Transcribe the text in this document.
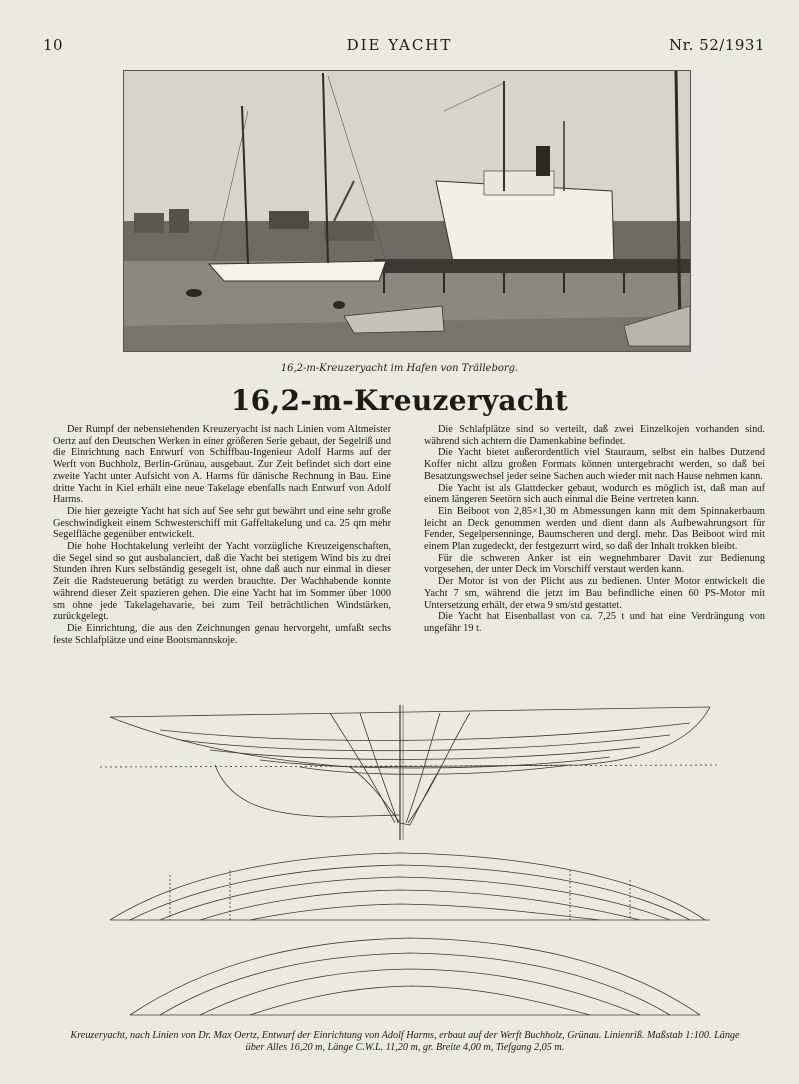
10	DIE YACHT	Nr. 52/1931
16,2-m-Kreuzeryacht im Hafen von Trälleborg.
16,2-m-Kreuzeryacht

Der Rumpf der nebenstehenden Kreuzeryacht ist nach Linien vom Altmeister Oertz auf den Deutschen Werken in einer größeren Serie gebaut, der Segelriß und die Einrichtung nach Entwurf von Schiffbau-Ingenieur Adolf Harms auf der Werft von Buchholz, Berlin-Grünau, ausgebaut. Zur Zeit befindet sich dort eine zweite Yacht unter Aufsicht von A. Harms für dänische Rechnung in Bau. Eine dritte Yacht in Kiel erhält eine neue Takelage ebenfalls nach Entwurf von Adolf Harms.

Die hier gezeigte Yacht hat sich auf See sehr gut bewährt und eine sehr große Geschwindigkeit einem Schwesterschiff mit Gaffeltakelung und ca. 25 qm mehr Segelfläche gegenüber entwickelt.

Die hohe Hochtakelung verleiht der Yacht vorzügliche Kreuzeigenschaften, die Segel sind so gut ausbalanciert, daß die Yacht bei stetigem Wind bis zu drei Stunden ihren Kurs selbständig gesegelt ist, ohne daß auch nur einmal in dieser Zeit die Radsteuerung betätigt zu werden brauchte. Der Wachhabende konnte während dieser Zeit spazieren gehen. Die eine Yacht hat im Sommer über 1000 sm ohne jede Takelagehavarie, bei zum Teil beträchtlichen Windstärken, zurückgelegt.

Die Einrichtung, die aus den Zeichnungen genau hervorgeht, umfaßt sechs feste Schlafplätze und eine Bootsmannskoje.

Die Schlafplätze sind so verteilt, daß zwei Einzelkojen vorhanden sind. während sich achtern die Damenkabine befindet.

Die Yacht bietet außerordentlich viel Stauraum, selbst ein halbes Dutzend Koffer nicht allzu großen Formats können untergebracht werden, so daß bei Besatzungswechsel jeder seine Sachen auch wieder mit nach Hause nehmen kann.

Die Yacht ist als Glattdecker gebaut, wodurch es möglich ist, daß man auf einem längeren Seetörn sich auch einmal die Beine vertreten kann.

Ein Beiboot von 2,85×1,30 m Abmessungen kann mit dem Spinnakerbaum leicht an Deck genommen werden und dient dann als Aufbewahrungsort für Fender, Segelpersenninge, Baumscheren und dergl. mehr. Das Beiboot wird mit einem Plan zugedeckt, der festgezurrt wird, so daß der Inhalt trokken bleibt.

Für die schweren Anker ist ein wegnehmbarer Davit zur Bedienung vorgesehen, der unter Deck im Vorschiff verstaut werden kann.

Der Motor ist von der Plicht aus zu bedienen. Unter Motor entwickelt die Yacht 7 sm, während die jetzt im Bau befindliche einen 60 PS-Motor mit Untersetzung erhält, der etwa 9 sm/std gestattet.

Die Yacht hat Eisenballast von ca. 7,25 t und hat eine Verdrängung von ungefähr 19 t.

Kreuzeryacht, nach Linien von Dr. Max Oertz, Entwurf der Einrichtung von Adolf Harms, erbaut auf der Werft Buchholz, Grünau. Linienriß. Maßstab 1:100. Länge über Alles 16,20 m, Länge C.W.L. 11,20 m, gr. Breite 4,00 m, Tiefgang 2,05 m.
